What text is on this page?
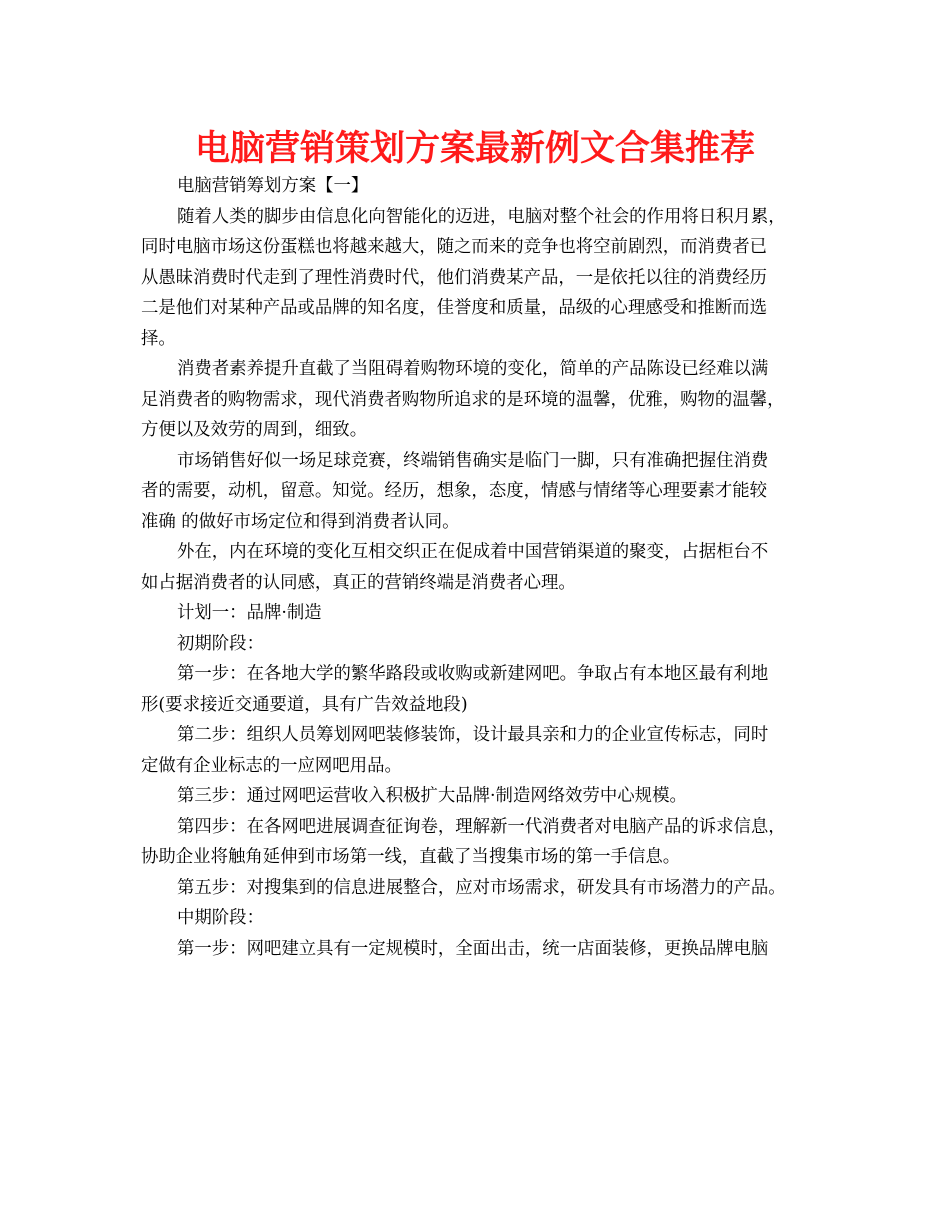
电脑营销策划方案最新例文合集推荐
电脑营销筹划方案【一】
随着人类的脚步由信息化向智能化的迈进，电脑对整个社会的作用将日积月累，
同时电脑市场这份蛋糕也将越来越大，随之而来的竞争也将空前剧烈，而消费者已
从愚昧消费时代走到了理性消费时代，他们消费某产品，一是依托以往的消费经历
二是他们对某种产品或品牌的知名度，佳誉度和质量，品级的心理感受和推断而选
择。
消费者素养提升直截了当阻碍着购物环境的变化，简单的产品陈设已经难以满
足消费者的购物需求，现代消费者购物所追求的是环境的温馨，优雅，购物的温馨，
方便以及效劳的周到，细致。
市场销售好似一场足球竞赛，终端销售确实是临门一脚，只有准确把握住消费
者的需要，动机，留意。知觉。经历，想象，态度，情感与情绪等心理要素才能较
准确 的做好市场定位和得到消费者认同。
外在，内在环境的变化互相交织正在促成着中国营销渠道的聚变，占据柜台不
如占据消费者的认同感，真正的营销终端是消费者心理。
计划一：品牌·制造
初期阶段：
第一步：在各地大学的繁华路段或收购或新建网吧。争取占有本地区最有利地
形(要求接近交通要道，具有广告效益地段)
第二步：组织人员筹划网吧装修装饰，设计最具亲和力的企业宣传标志，同时
定做有企业标志的一应网吧用品。
第三步：通过网吧运营收入积极扩大品牌·制造网络效劳中心规模。
第四步：在各网吧进展调查征询卷，理解新一代消费者对电脑产品的诉求信息，
协助企业将触角延伸到市场第一线，直截了当搜集市场的第一手信息。
第五步：对搜集到的信息进展整合，应对市场需求，研发具有市场潜力的产品。
中期阶段：
第一步：网吧建立具有一定规模时，全面出击，统一店面装修，更换品牌电脑
